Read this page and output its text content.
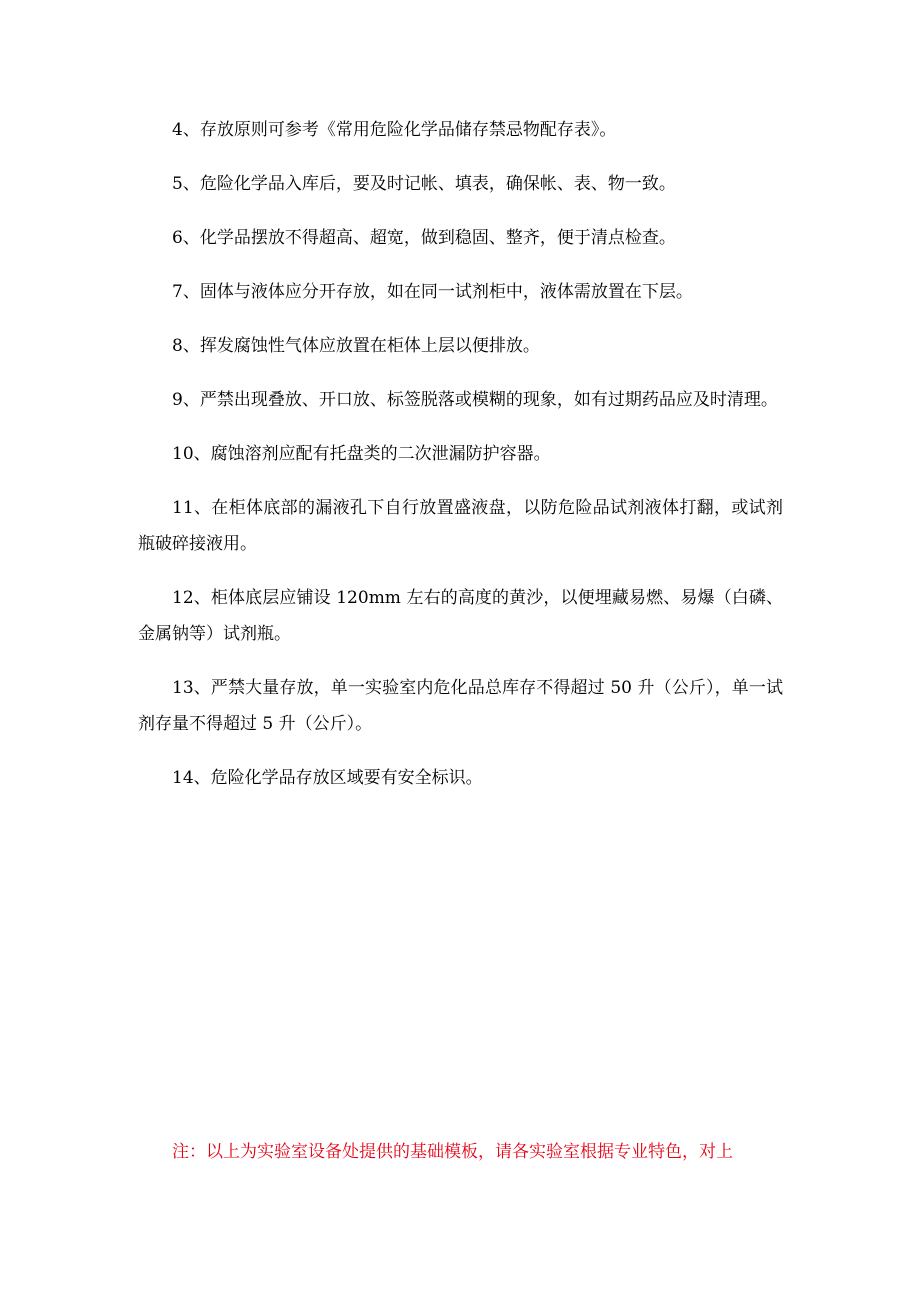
4、存放原则可参考《常用危险化学品储存禁忌物配存表》。

5、危险化学品入库后，要及时记帐、填表，确保帐、表、物一致。

6、化学品摆放不得超高、超宽，做到稳固、整齐，便于清点检查。

7、固体与液体应分开存放，如在同一试剂柜中，液体需放置在下层。

8、挥发腐蚀性气体应放置在柜体上层以便排放。

9、严禁出现叠放、开口放、标签脱落或模糊的现象，如有过期药品应及时清理。

10、腐蚀溶剂应配有托盘类的二次泄漏防护容器。

11、在柜体底部的漏液孔下自行放置盛液盘，以防危险品试剂液体打翻，或试剂瓶破碎接液用。

12、柜体底层应铺设 120mm 左右的高度的黄沙，以便埋藏易燃、易爆（白磷、金属钠等）试剂瓶。

13、严禁大量存放，单一实验室内危化品总库存不得超过 50 升（公斤），单一试剂存量不得超过 5 升（公斤）。

14、危险化学品存放区域要有安全标识。

注：以上为实验室设备处提供的基础模板，请各实验室根据专业特色，对上
